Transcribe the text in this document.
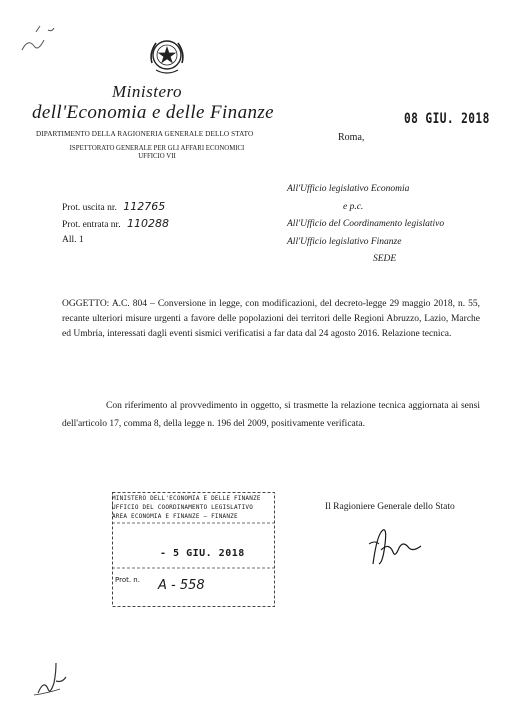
Ministero
dell'Economia e delle Finanze
DIPARTIMENTO DELLA RAGIONERIA GENERALE DELLO STATO
ISPETTORATO GENERALE PER GLI AFFARI ECONOMICI
UFFICIO VII
08 GIU. 2018
Roma,
Prot. uscita nr. 112765
Prot. entrata nr. 110288
All. 1
All'Ufficio legislativo Economia
e p.c.
All'Ufficio del Coordinamento legislativo
All'Ufficio legislativo Finanze
SEDE
OGGETTO: A.C. 804 – Conversione in legge, con modificazioni, del decreto-legge 29 maggio 2018, n. 55, recante ulteriori misure urgenti a favore delle popolazioni dei territori delle Regioni Abruzzo, Lazio, Marche ed Umbria, interessati dagli eventi sismici verificatisi a far data dal 24 agosto 2016. Relazione tecnica.
Con riferimento al provvedimento in oggetto, si trasmette la relazione tecnica aggiornata ai sensi dell'articolo 17, comma 8, della legge n. 196 del 2009, positivamente verificata.
Il Ragioniere Generale dello Stato
MINISTERO DELL'ECONOMIA E DELLE FINANZE
UFFICIO DEL COORDINAMENTO LEGISLATIVO
AREA ECONOMIA E FINANZE – FINANZE
- 5 GIU. 2018
Prot. n. A - 558
